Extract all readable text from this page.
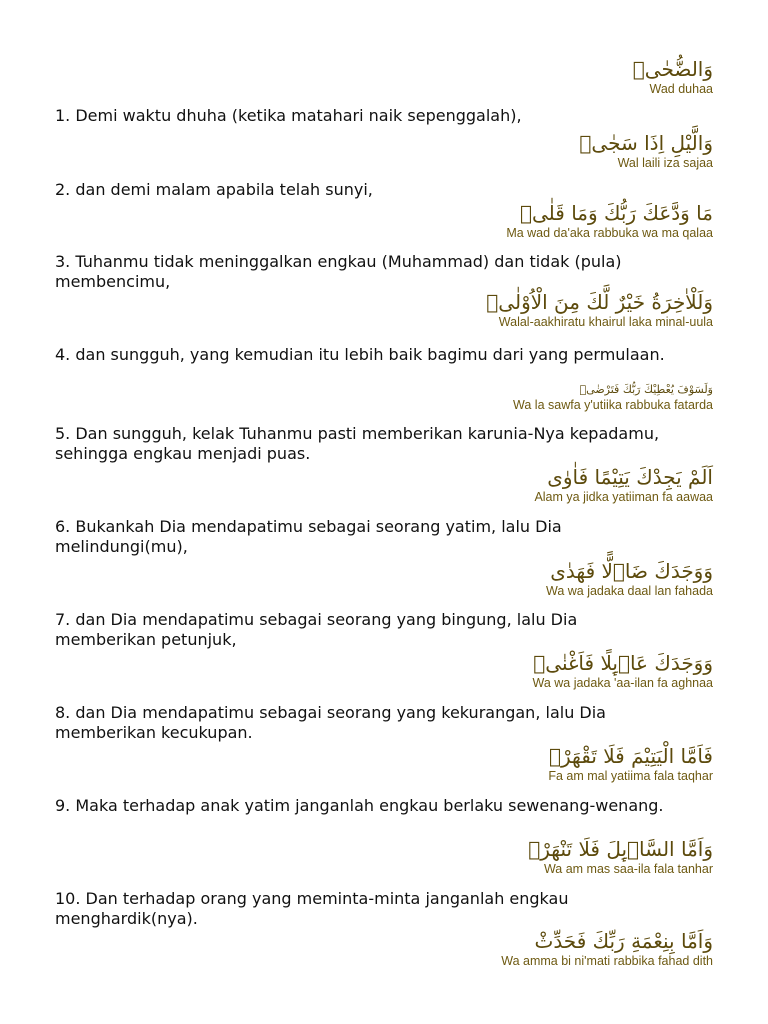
وَالضُّحٰىۙ
Wad duhaa
1. Demi waktu dhuha (ketika matahari naik sepenggalah),
وَالَّيْلِ اِذَا سَجٰىۙ
Wal laili iza sajaa
2. dan demi malam apabila telah sunyi,
مَا وَدَّعَكَ رَبُّكَ وَمَا قَلٰىۗ
Ma wad da'aka rabbuka wa ma qalaa
3. Tuhanmu tidak meninggalkan engkau (Muhammad) dan tidak (pula) membencimu,
وَلَلْاٰخِرَةُ خَيْرٌ لَّكَ مِنَ الْاُوْلٰىۗ
Walal-aakhiratu khairul laka minal-uula
4. dan sungguh, yang kemudian itu lebih baik bagimu dari yang permulaan.
وَلَسَوْفَ يُعْطِيْكَ رَبُّكَ فَتَرْضٰىۗ
Wa la sawfa y'utiika rabbuka fatarda
5. Dan sungguh, kelak Tuhanmu pasti memberikan karunia-Nya kepadamu, sehingga engkau menjadi puas.
اَلَمْ يَجِدْكَ يَتِيْمًا فَاٰوٰى
Alam ya jidka yatiiman fa aawaa
6. Bukankah Dia mendapatimu sebagai seorang yatim, lalu Dia melindungi(mu),
وَوَجَدَكَ ضَاۤلًّا فَهَدٰى
Wa wa jadaka daal lan fahada
7. dan Dia mendapatimu sebagai seorang yang bingung, lalu Dia memberikan petunjuk,
وَوَجَدَكَ عَاۤىِٕلًا فَاَغْنٰىۗ
Wa wa jadaka 'aa-ilan fa aghnaa
8. dan Dia mendapatimu sebagai seorang yang kekurangan, lalu Dia memberikan kecukupan.
فَاَمَّا الْيَتِيْمَ فَلَا تَقْهَرْۗ
Fa am mal yatiima fala taqhar
9. Maka terhadap anak yatim janganlah engkau berlaku sewenang-wenang.
وَاَمَّا السَّاۤىِٕلَ فَلَا تَنْهَرْۗ
Wa am mas saa-ila fala tanhar
10. Dan terhadap orang yang meminta-minta janganlah engkau menghardik(nya).
وَاَمَّا بِنِعْمَةِ رَبِّكَ فَحَدِّثْ
Wa amma bi ni'mati rabbika fahad dith
